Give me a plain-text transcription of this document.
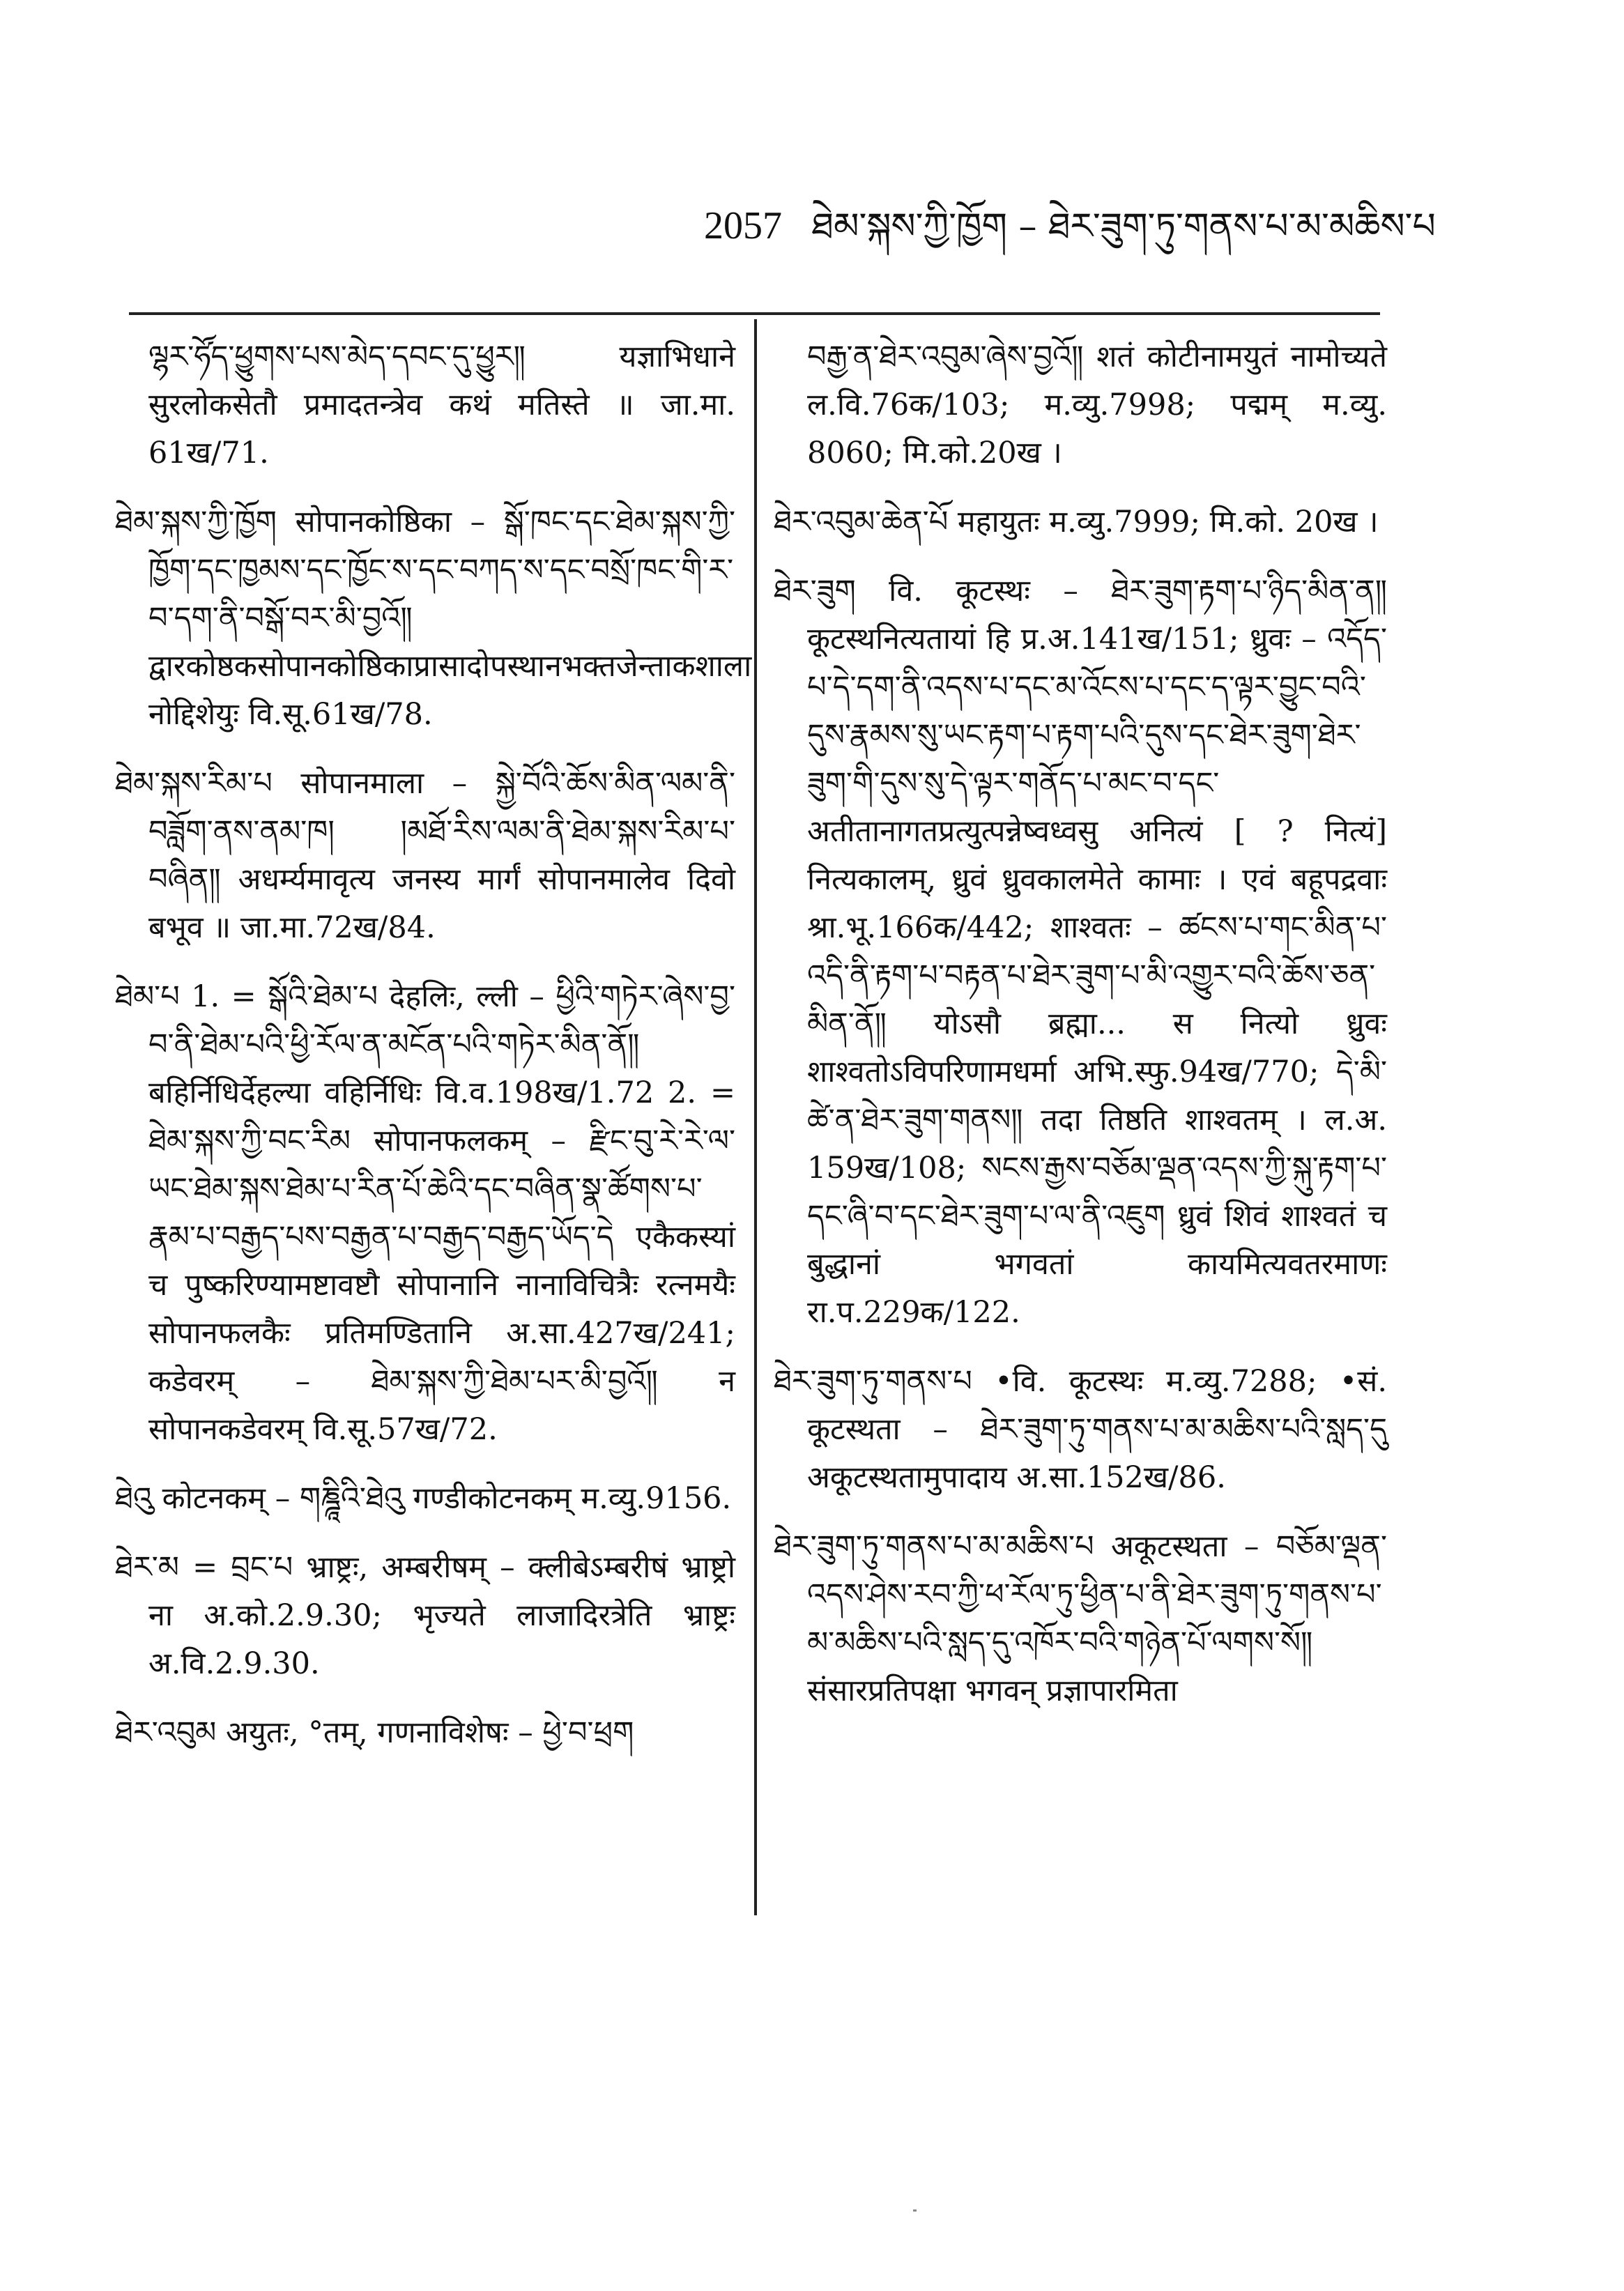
2057 ཐེམ་སྐས་ཀྱི་ཁྱོག – ཐེར་ཟུག་ཏུ་གནས་པ་མ་མཆིས་པ

ལྷར་ཧོ༹ད་ཕྱུགས་པས་མེད་དབང་དུ་ཕྱུར༎ यज्ञाभिधाने सुरलोकसेतौ प्रमादतन्त्रेव कथं मतिस्ते ॥ जा.मा. 61ख/71.

ཐེམ་སྐས་ཀྱི་ཁྱོག सोपानकोष्ठिका – སྒོ་ཁང་དང་ཐེམ་སྐས་ཀྱི་ཁྱོག་དང་ཁྱམས་དང་ཁྱོང་ས་དང་བཀད་ས་དང་བསྲོ་ཁང་གི་ར་བ་དག་ནི་བསྒོ་བར་མི་བྱའོ༎ द्वारकोष्ठकसोपानकोष्ठिकाप्रासादोपस्थानभक्तजेन्ताकशाला नोद्दिशेयुः वि.सू.61ख/78.

ཐེམ་སྐས་རིམ་པ सोपानमाला – སྐྱེ་བོའི་ཆོས་མིན་ལམ་ནི་བཟློག་ནས་ནམ་ཁ། །མཐོ་རིས་ལམ་ནི་ཐེམ་སྐས་རིམ་པ་བཞིན༎ अधर्म्यमावृत्य जनस्य मार्गं सोपानमालेव दिवो बभूव ॥ जा.मा.72ख/84.

ཐེམ་པ 1. = སྒོའི་ཐེམ་པ देहलिः, ल्ली – ཕྱིའི་གཏེར་ཞེས་བྱ་བ་ནི་ཐེམ་པའི་ཕྱི་རོལ་ན་མངོན་པའི་གཏེར་མིན་ནོ༎ बहिर्निधिर्देहल्या वहिर्निधिः वि.व.198ख/1.72 2. = ཐེམ་སྐས་ཀྱི་བང་རིམ सोपानफलकम् – རྫིང་བུ་རེ་རེ་ལ་ཡང་ཐེམ་སྐས་ཐེམ་པ་རིན་པོ་ཆེའི་དང་བཞིན་སྣ་ཚོགས་པ་རྣམ་པ་བརྒྱད་པས་བརྒྱན་པ་བརྒྱད་བརྒྱད་ཡོད་དེ एकैकस्यां च पुष्करिण्यामष्टावष्टौ सोपानानि नानाविचित्रैः रत्नमयैः सोपानफलकैः प्रतिमण्डितानि अ.सा.427ख/241; कडेवरम् – ཐེམ་སྐས་ཀྱི་ཐེམ་པར་མི་བྱའོ༎ न सोपानकडेवरम् वि.सू.57ख/72.

ཐེའུ कोटनकम् – གཎྜཱིའི་ཐེའུ गण्डीकोटनकम् म.व्यु.9156.

ཐེར་མ = བྲང་པ भ्राष्ट्रः, अम्बरीषम् – क्लीबेऽम्बरीषं भ्राष्ट्रो ना अ.को.2.9.30; भृज्यते लाजादिरत्रेति भ्राष्ट्रः अ.वि.2.9.30.

ཐེར་འབུམ अयुतः, °तम्, गणनाविशेषः – ཕྱེ་བ་ཕྲག

བརྒྱ་ན་ཐེར་འབུམ་ཞེས་བྱའོ༎ शतं कोटीनामयुतं नामोच्यते ल.वि.76क/103; म.व्यु.7998; पद्मम् म.व्यु. 8060; मि.को.20ख ।

ཐེར་འབུམ་ཆེན་པོ महायुतः म.व्यु.7999; मि.को. 20ख ।

ཐེར་ཟུག वि. कूटस्थः – ཐེར་ཟུག་རྟག་པ་ཉིད་མིན་ན༎ कूटस्थनित्यतायां हि प्र.अ.141ख/151; ध्रुवः – འདོད་པ་དེ་དག་ནི་འདས་པ་དང་མ་འོངས་པ་དང་ད་ལྟར་བྱུང་བའི་དུས་རྣམས་སུ་ཡང་རྟག་པ་རྟག་པའི་དུས་དང་ཐེར་ཟུག་ཐེར་ཟུག་གི་དུས་སུ་དེ་ལྟར་གནོད་པ་མང་བ་དང་ अतीतानागतप्रत्युत्पन्नेष्वध्वसु अनित्यं [ ? नित्यं] नित्यकालम्, ध्रुवं ध्रुवकालमेते कामाः । एवं बहूपद्रवाः श्रा.भू.166क/442; शाश्वतः – ཚངས་པ་གང་མིན་པ་འདི་ནི་རྟག་པ་བརྟན་པ་ཐེར་ཟུག་པ་མི་འགྱུར་བའི་ཆོས་ཅན་མིན་ནོ༎ योऽसौ ब्रह्मा... स नित्यो ध्रुवः शाश्वतोऽविपरिणामधर्मा अभि.स्फु.94ख/770; དེ་མི་ཚེ་ན་ཐེར་ཟུག་གནས༎ तदा तिष्ठति शाश्वतम् । ल.अ. 159ख/108; སངས་རྒྱས་བཅོམ་ལྡན་འདས་ཀྱི་སྐུ་རྟག་པ་དང་ཞི་བ་དང་ཐེར་ཟུག་པ་ལ་ནི་འཇུག ध्रुवं शिवं शाश्वतं च बुद्धानां भगवतां कायमित्यवतरमाणः रा.प.229क/122.

ཐེར་ཟུག་ཏུ་གནས་པ •वि. कूटस्थः म.व्यु.7288; •सं. कूटस्थता – ཐེར་ཟུག་ཏུ་གནས་པ་མ་མཆིས་པའི་སླད་དུ अकूटस्थतामुपादाय अ.सा.152ख/86.

ཐེར་ཟུག་ཏུ་གནས་པ་མ་མཆིས་པ अकूटस्थता – བཅོམ་ལྡན་འདས་ཤེས་རབ་ཀྱི་ཕ་རོལ་ཏུ་ཕྱིན་པ་ནི་ཐེར་ཟུག་ཏུ་གནས་པ་མ་མཆིས་པའི་སླད་དུ་འཁོར་བའི་གཉེན་པོ་ལགས་སོ༎ संसारप्रतिपक्षा भगवन् प्रज्ञापारमिता
